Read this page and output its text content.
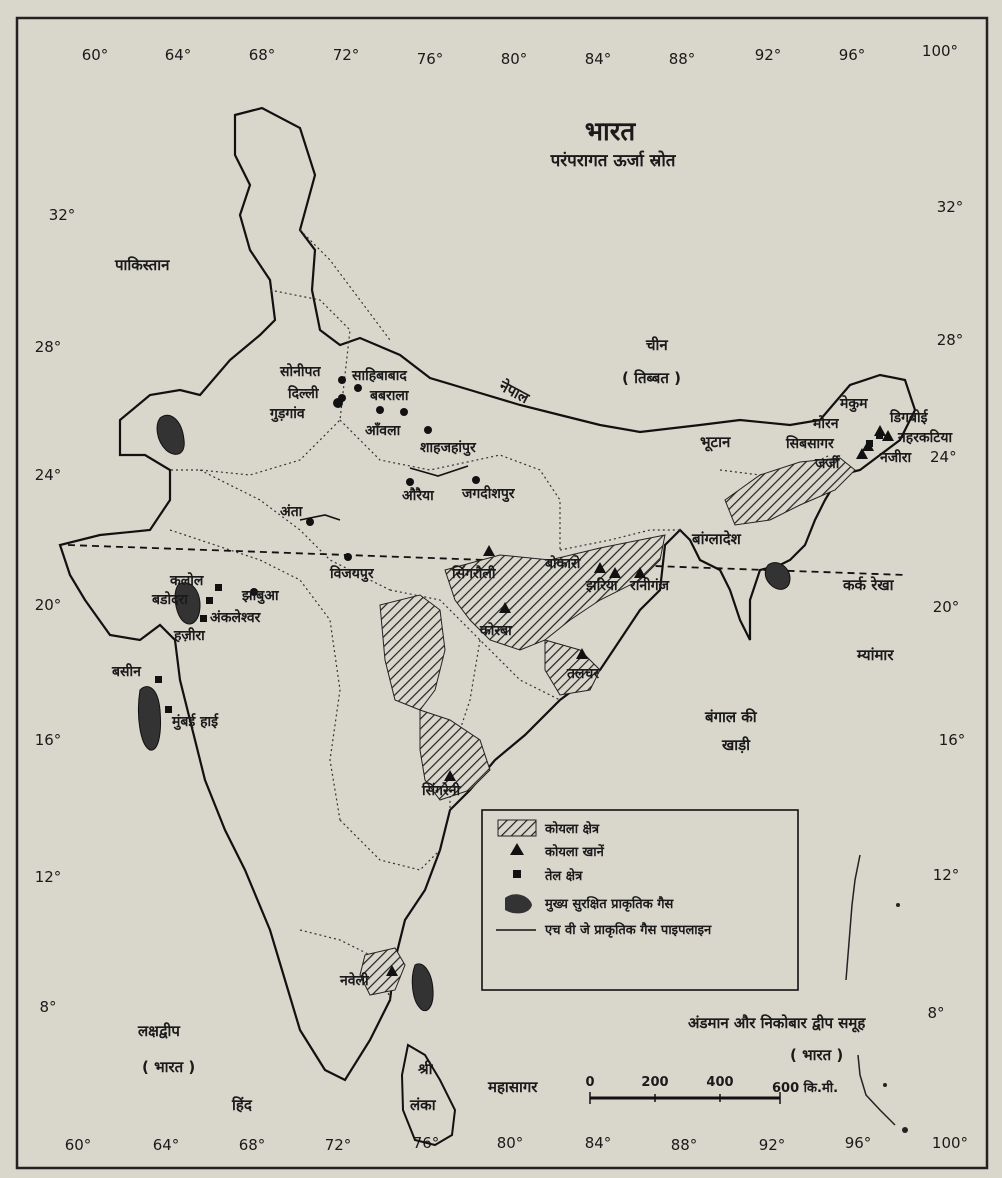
60°	64°	68°	72°	76°	80°	84°	88°	92°	96°	100°
60°	64°	68°	72°	76°	80°	84°	88°	92°	96°	100°
32°
28°
24°
20°
16°
12°
8°
32°
28°
20°
16°
12°
8°
भारत
परंपरागत ऊर्जा स्रोत
पाकिस्तान
चीन
( तिब्बत )
नेपाल
भूटान
बांग्लादेश
म्यांमार
श्री
लंका
बंगाल की
खाड़ी
हिंद
महासागर
लक्षद्वीप
( भारत )
अंडमान और निकोबार द्वीप समूह
( भारत )
कर्क रेखा
सोनीपत साहिबाबाद
दिल्ली	बबराला
गुड़गांव
आँवला
शाहजहांपुर
औरैया जगदीशपुर
अंता
विजयपुर
कलोल
बडोदरा	झाबुआ
अंकलेश्वर
हज़ीरा
बसीन
मुंबई हाई
सिंगरौली
बोकारो
झरिया रानीगंज
कोरबा
तलचर
सिंगरेनी
नवेली
मेकुम
मोरन	डिगबोई
सिबसागर	नहरकटिया
जर्जी	नजीरा 24°
कोयला क्षेत्र
कोयला खानें
तेल क्षेत्र
मुख्य सुरक्षित प्राकृतिक गैस
एच वी जे प्राकृतिक गैस पाइपलाइन
0	200	400	600 कि.मी.
